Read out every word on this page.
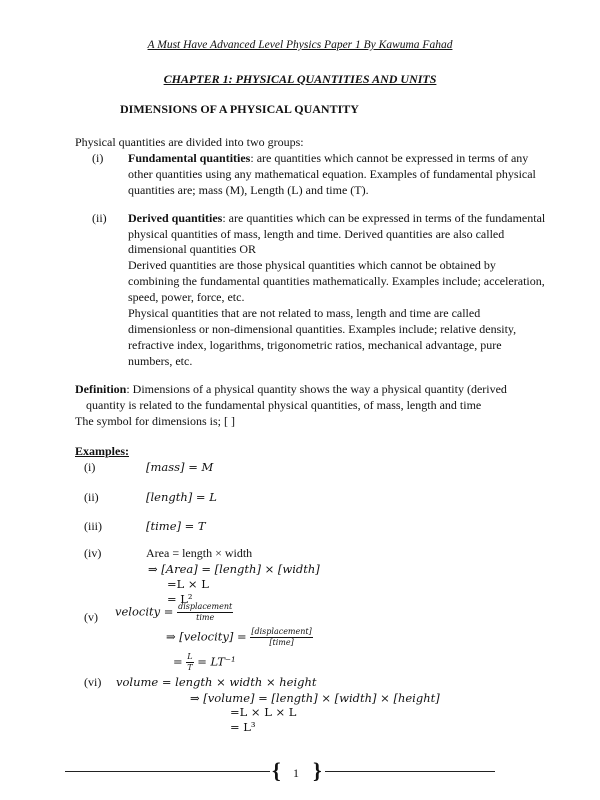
A Must Have Advanced Level Physics Paper 1 By Kawuma Fahad
CHAPTER 1: PHYSICAL QUANTITIES AND UNITS
DIMENSIONS OF A PHYSICAL QUANTITY
Physical quantities are divided into two groups:
(i) Fundamental quantities: are quantities which cannot be expressed in terms of any
other quantities using any mathematical equation. Examples of fundamental physical
quantities are; mass (M), Length (L) and time (T).
(ii) Derived quantities: are quantities which can be expressed in terms of the fundamental
physical quantities of mass, length and time. Derived quantities are also called
dimensional quantities OR
Derived quantities are those physical quantities which cannot be obtained by
combining the fundamental quantities mathematically. Examples include; acceleration,
speed, power, force, etc.
Physical quantities that are not related to mass, length and time are called
dimensionless or non-dimensional quantities. Examples include; relative density,
refractive index, logarithms, trigonometric ratios, mechanical advantage, pure
numbers, etc.
Definition: Dimensions of a physical quantity shows the way a physical quantity (derived
quantity is related to the fundamental physical quantities, of mass, length and time
The symbol for dimensions is; [ ]
Examples:
(i)	[mass] = M
(ii)	[length] = L
(iii)	[time] = T
(iv)	Area = length × width
⇒ [Area] = [length] × [width]
=L × L
= L²
(v) velocity = $\frac{\text{displacement}}{\text{time}}$
⇒ [velocity] = $\frac{\text{[displacement]}}{\text{[time]}}$
= $\frac{L}{T} = LT^{-1}$
(vi) volume = length × width × height
⇒ [volume] = [length] × [width] × [height]
=L × L × L
= L³
{ 1 }
